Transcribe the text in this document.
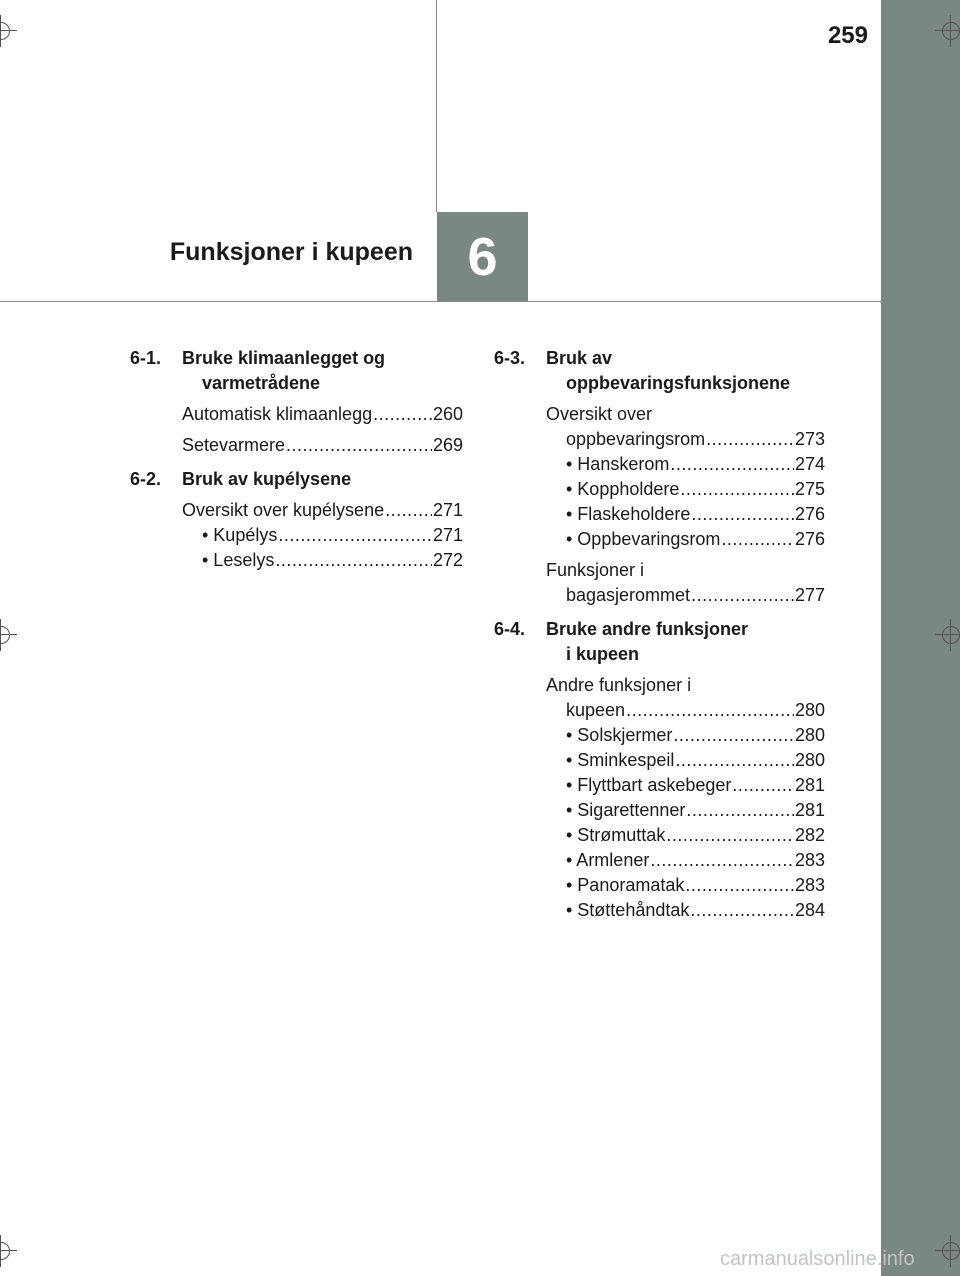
259
6
Funksjoner i kupeen
6-1.	Bruke klimaanlegget og
varmetrådene
Automatisk klimaanlegg .....	260
Setevarmere .....	269
6-2.	Bruk av kupélysene
Oversikt over kupélysene .....	271
• Kupélys .....	271
• Leselys .....	272
6-3.	Bruk av
oppbevaringsfunksjonene
Oversikt over
oppbevaringsrom .....	273
• Hanskerom .....	274
• Koppholdere .....	275
• Flaskeholdere .....	276
• Oppbevaringsrom .....	276
Funksjoner i
bagasjerommet .....	277
6-4.	Bruke andre funksjoner
i kupeen
Andre funksjoner i
kupeen .....	280
• Solskjermer .....	280
• Sminkespeil .....	280
• Flyttbart askebeger .....	281
• Sigarettenner .....	281
• Strømuttak .....	282
• Armlener .....	283
• Panoramatak .....	283
• Støttehåndtak .....	284
carmanualsonline.info
